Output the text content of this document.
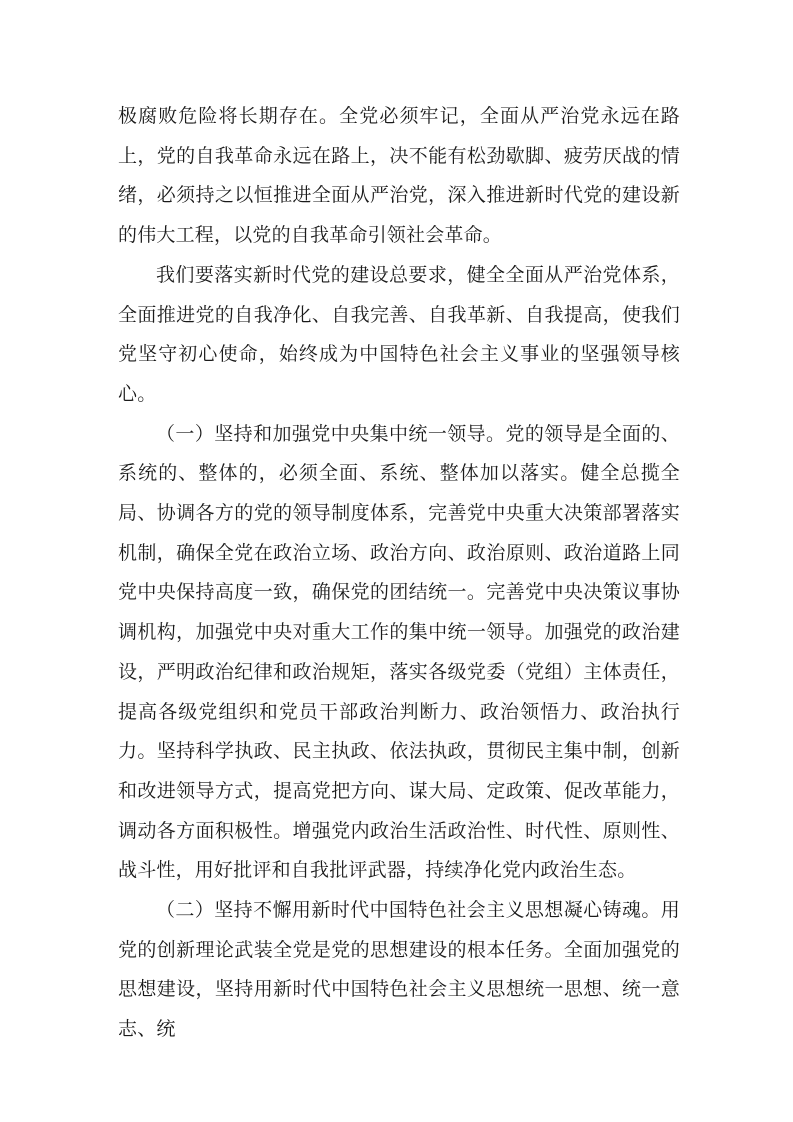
极腐败危险将长期存在。全党必须牢记，全面从严治党永远在路上，党的自我革命永远在路上，决不能有松劲歇脚、疲劳厌战的情绪，必须持之以恒推进全面从严治党，深入推进新时代党的建设新的伟大工程，以党的自我革命引领社会革命。

我们要落实新时代党的建设总要求，健全全面从严治党体系，全面推进党的自我净化、自我完善、自我革新、自我提高，使我们党坚守初心使命，始终成为中国特色社会主义事业的坚强领导核心。

（一）坚持和加强党中央集中统一领导。党的领导是全面的、系统的、整体的，必须全面、系统、整体加以落实。健全总揽全局、协调各方的党的领导制度体系，完善党中央重大决策部署落实机制，确保全党在政治立场、政治方向、政治原则、政治道路上同党中央保持高度一致，确保党的团结统一。完善党中央决策议事协调机构，加强党中央对重大工作的集中统一领导。加强党的政治建设，严明政治纪律和政治规矩，落实各级党委（党组）主体责任，提高各级党组织和党员干部政治判断力、政治领悟力、政治执行力。坚持科学执政、民主执政、依法执政，贯彻民主集中制，创新和改进领导方式，提高党把方向、谋大局、定政策、促改革能力，调动各方面积极性。增强党内政治生活政治性、时代性、原则性、战斗性，用好批评和自我批评武器，持续净化党内政治生态。

（二）坚持不懈用新时代中国特色社会主义思想凝心铸魂。用党的创新理论武装全党是党的思想建设的根本任务。全面加强党的思想建设，坚持用新时代中国特色社会主义思想统一思想、统一意志、统
